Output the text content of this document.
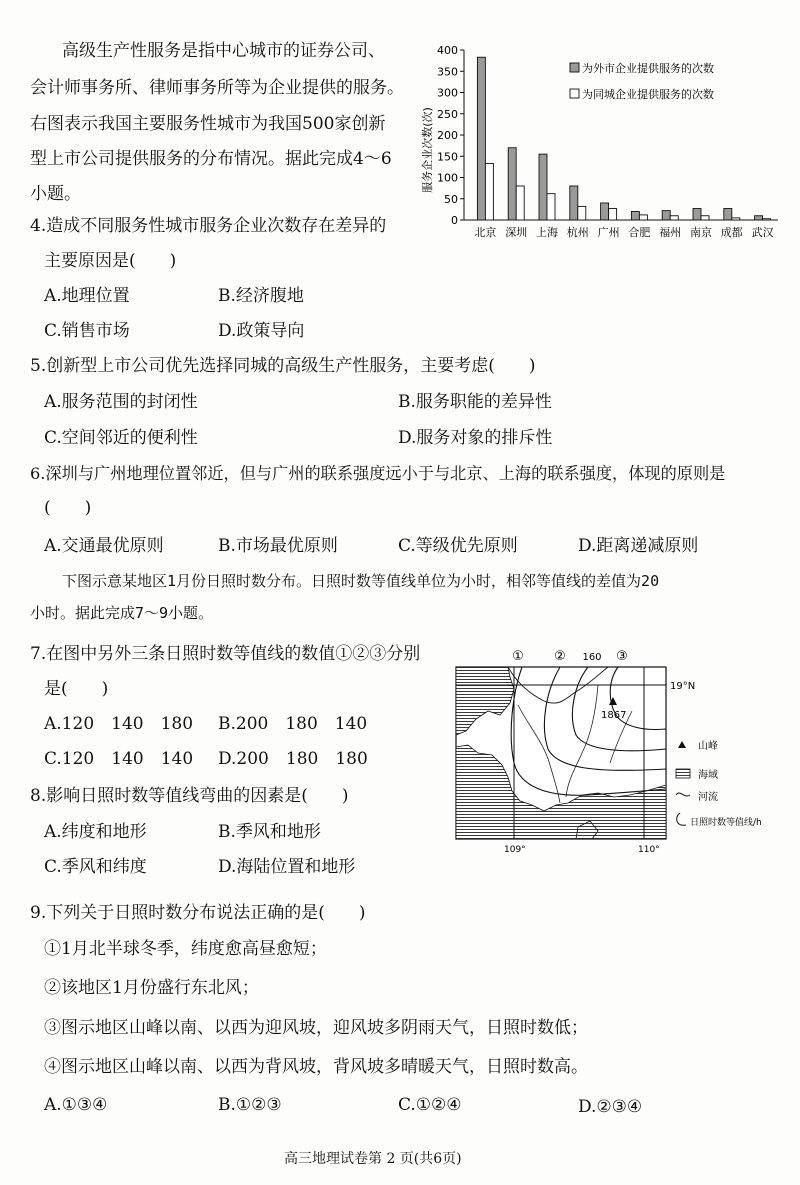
高级生产性服务是指中心城市的证券公司、
会计师事务所、律师事务所等为企业提供的服务。
右图表示我国主要服务性城市为我国500家创新
型上市公司提供服务的分布情况。据此完成4～6
小题。
服务企业次数(次)
0
50
100
150
200
250
300
350
400
北京 深圳 上海 杭州 广州 合肥 福州 南京 成都 武汉
为外市企业提供服务的次数
为同城企业提供服务的次数
4.造成不同服务性城市服务企业次数存在差异的
主要原因是(　　)
A.地理位置	B.经济腹地
C.销售市场	D.政策导向
5.创新型上市公司优先选择同城的高级生产性服务，主要考虑(　　)
A.服务范围的封闭性	B.服务职能的差异性
C.空间邻近的便利性	D.服务对象的排斥性
6.深圳与广州地理位置邻近，但与广州的联系强度远小于与北京、上海的联系强度，体现的原则是
(　　)
A.交通最优原则	B.市场最优原则	C.等级优先原则	D.距离递减原则
下图示意某地区1月份日照时数分布。日照时数等值线单位为小时，相邻等值线的差值为20
小时。据此完成7～9小题。
7.在图中另外三条日照时数等值线的数值①②③分别
是(　　)
A.120　140　180 B.200　180　140
C.120　140　140 D.200　180　180
8.影响日照时数等值线弯曲的因素是(　　)
A.纬度和地形	B.季风和地形
C.季风和纬度	D.海陆位置和地形
1867
① ② 160 ③
19°N
109°	110°
山峰
海域
河流
日照时数等值线/h
9.下列关于日照时数分布说法正确的是(　　)
①1月北半球冬季，纬度愈高昼愈短；
②该地区1月份盛行东北风；
③图示地区山峰以南、以西为迎风坡，迎风坡多阴雨天气，日照时数低；
④图示地区山峰以南、以西为背风坡，背风坡多晴暖天气，日照时数高。
A.①③④	B.①②③	C.①②④	D.②③④
高三地理试卷第 2 页(共6页)
